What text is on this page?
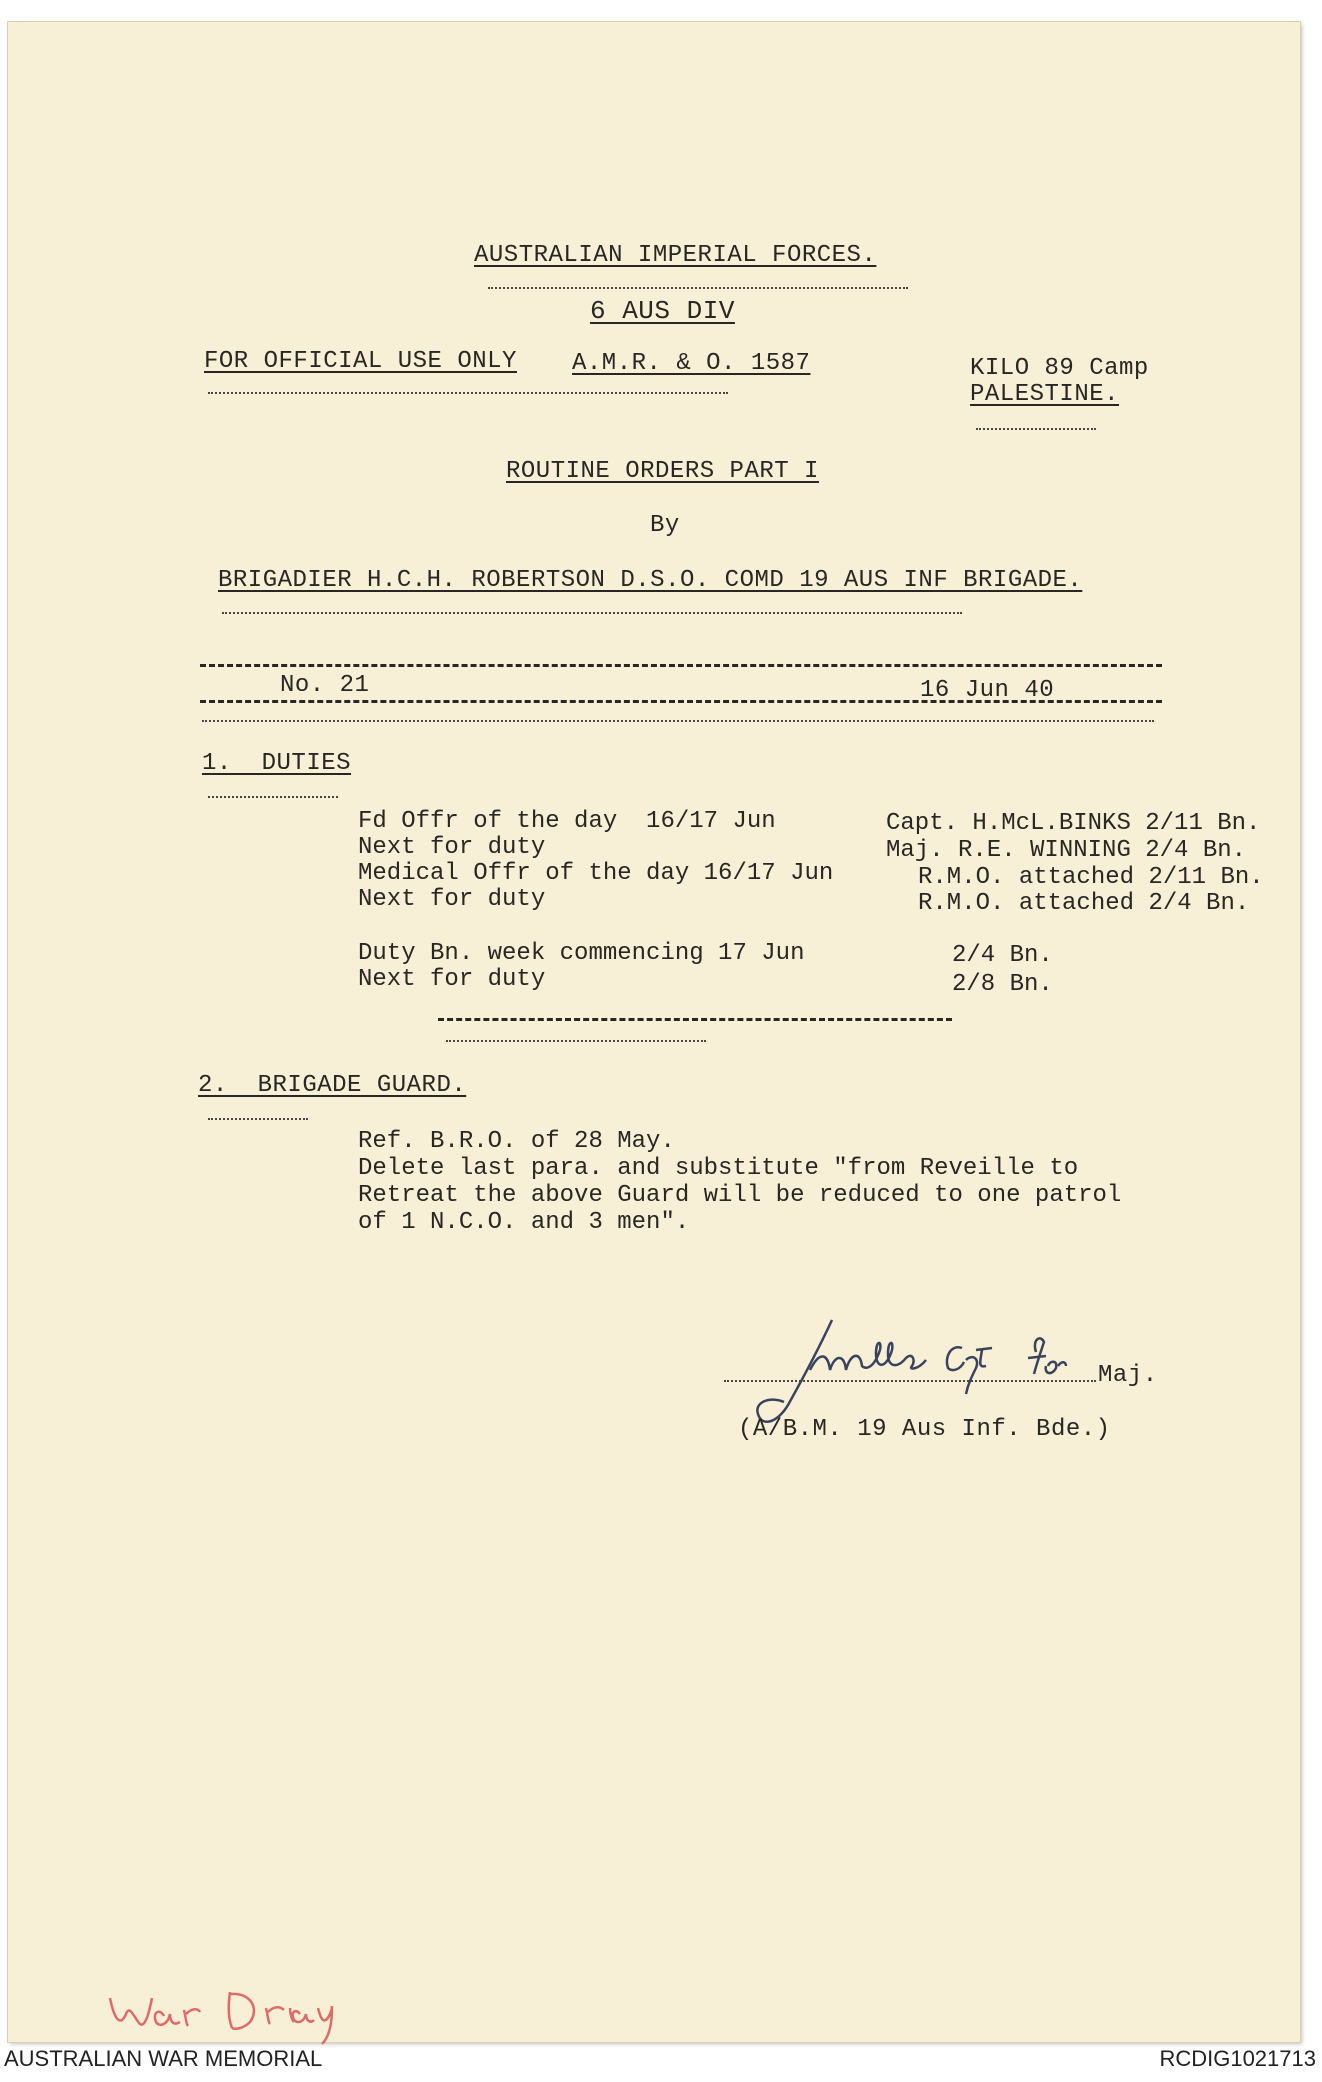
AUSTRALIAN IMPERIAL FORCES.
6 AUS DIV
FOR OFFICIAL USE ONLY A.M.R. & O. 1587	KILO 89 Camp
PALESTINE.
ROUTINE ORDERS PART I
By
BRIGADIER H.C.H. ROBERTSON D.S.O. COMD 19 AUS INF BRIGADE.
No. 21	16 Jun 40
1.  DUTIES
Fd Offr of the day  16/17 Jun	Capt. H.McL.BINKS 2/11 Bn.
Next for duty	Maj. R.E. WINNING 2/4 Bn.
Medical Offr of the day 16/17 Jun	R.M.O. attached 2/11 Bn.
Next for duty	R.M.O. attached 2/4 Bn.
Duty Bn. week commencing 17 Jun	2/4 Bn.
Next for duty	2/8 Bn.
2.  BRIGADE GUARD.
Ref. B.R.O. of 28 May.
Delete last para. and substitute "from Reveille to
Retreat the above Guard will be reduced to one patrol
of 1 N.C.O. and 3 men".
Maj.
(A/B.M. 19 Aus Inf. Bde.)
AUSTRALIAN WAR MEMORIAL	RCDIG1021713
